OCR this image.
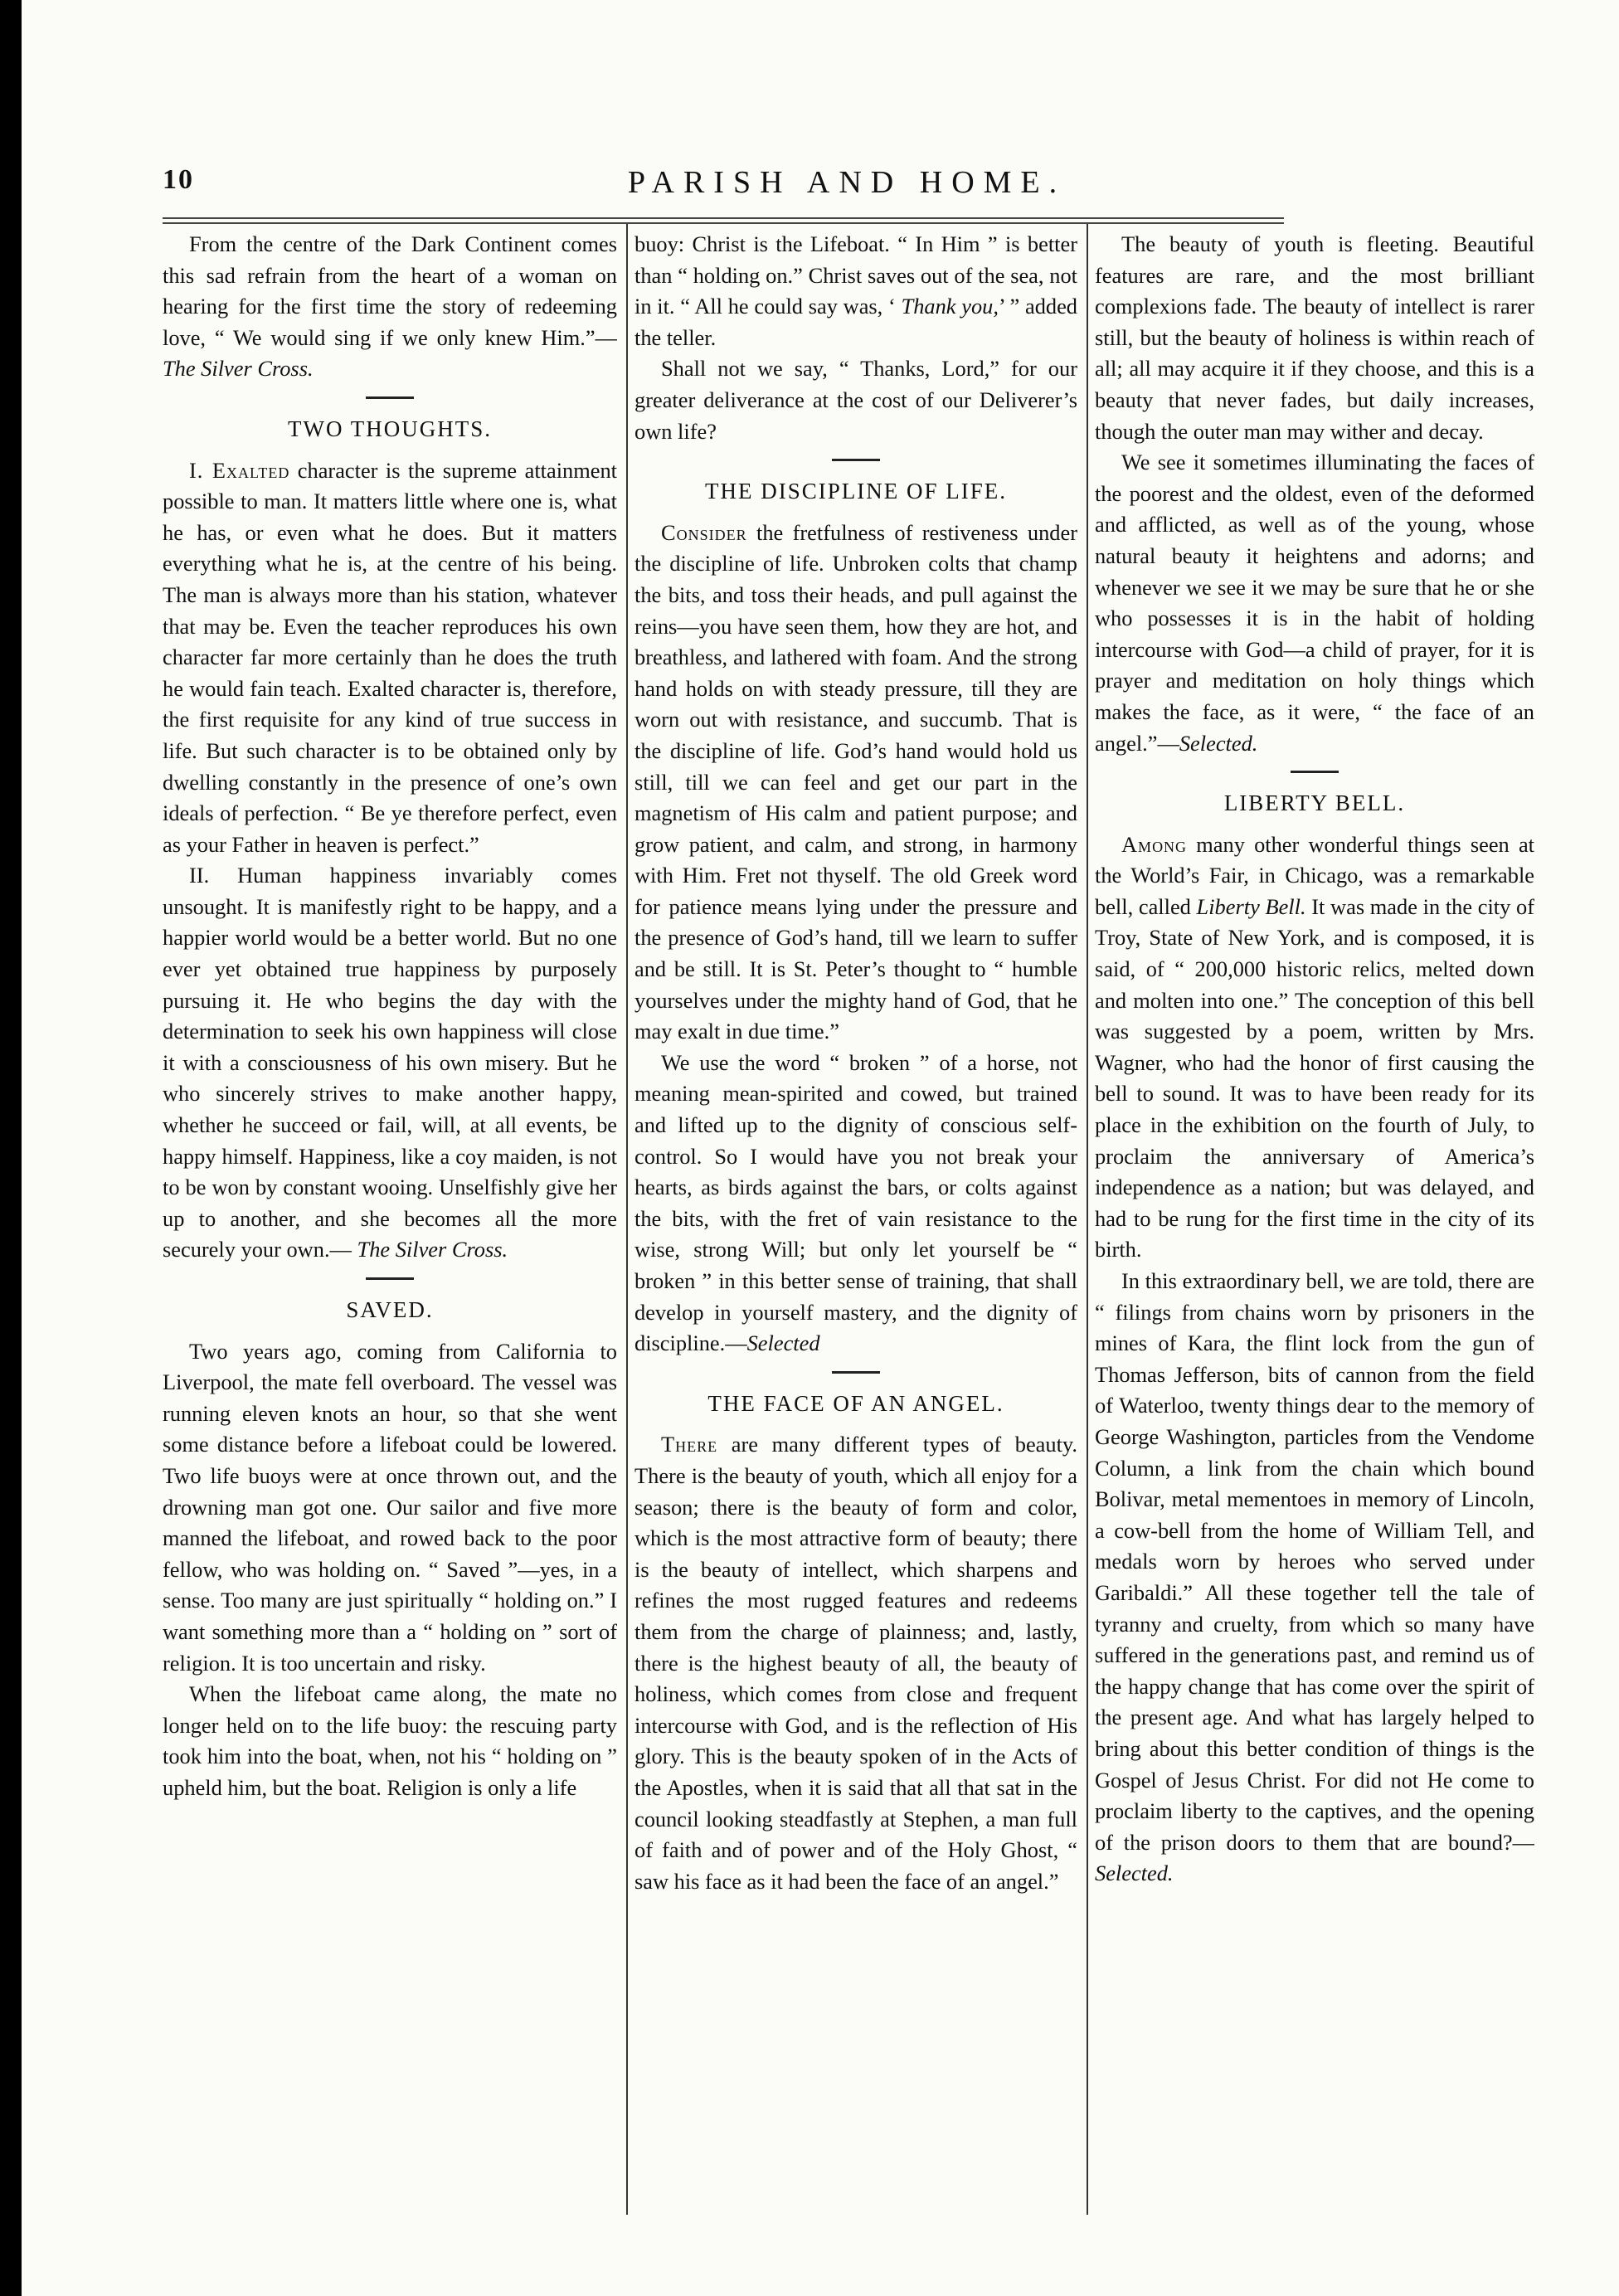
10	PARISH AND HOME.

From the centre of the Dark Continent comes this sad refrain from the heart of a woman on hearing for the first time the story of redeeming love, “ We would sing if we only knew Him.”—The Silver Cross.

TWO THOUGHTS.

I. Exalted character is the supreme attainment possible to man. It matters little where one is, what he has, or even what he does. But it matters everything what he is, at the centre of his being. The man is always more than his station, whatever that may be. Even the teacher reproduces his own character far more certainly than he does the truth he would fain teach. Exalted character is, therefore, the first requisite for any kind of true success in life. But such character is to be obtained only by dwelling constantly in the presence of one’s own ideals of perfection. “ Be ye therefore perfect, even as your Father in heaven is perfect.”

II. Human happiness invariably comes unsought. It is manifestly right to be happy, and a happier world would be a better world. But no one ever yet obtained true happiness by purposely pursuing it. He who begins the day with the determination to seek his own happiness will close it with a consciousness of his own misery. But he who sincerely strives to make another happy, whether he succeed or fail, will, at all events, be happy himself. Happiness, like a coy maiden, is not to be won by constant wooing. Unselfishly give her up to another, and she becomes all the more securely your own.— The Silver Cross.

SAVED.

Two years ago, coming from California to Liverpool, the mate fell overboard. The vessel was running eleven knots an hour, so that she went some distance before a lifeboat could be lowered. Two life buoys were at once thrown out, and the drowning man got one. Our sailor and five more manned the lifeboat, and rowed back to the poor fellow, who was holding on. “ Saved ”—yes, in a sense. Too many are just spiritually “ holding on.” I want something more than a “ holding on ” sort of religion. It is too uncertain and risky.

When the lifeboat came along, the mate no longer held on to the life buoy: the rescuing party took him into the boat, when, not his “ holding on ” upheld him, but the boat. Religion is only a life

buoy: Christ is the Lifeboat. “ In Him ” is better than “ holding on.” Christ saves out of the sea, not in it. “ All he could say was, ‘ Thank you,’ ” added the teller.

Shall not we say, “ Thanks, Lord,” for our greater deliverance at the cost of our Deliverer’s own life?

THE DISCIPLINE OF LIFE.

Consider the fretfulness of restiveness under the discipline of life. Unbroken colts that champ the bits, and toss their heads, and pull against the reins—you have seen them, how they are hot, and breathless, and lathered with foam. And the strong hand holds on with steady pressure, till they are worn out with resistance, and succumb. That is the discipline of life. God’s hand would hold us still, till we can feel and get our part in the magnetism of His calm and patient purpose; and grow patient, and calm, and strong, in harmony with Him. Fret not thyself. The old Greek word for patience means lying under the pressure and the presence of God’s hand, till we learn to suffer and be still. It is St. Peter’s thought to “ humble yourselves under the mighty hand of God, that he may exalt in due time.”

We use the word “ broken ” of a horse, not meaning mean-spirited and cowed, but trained and lifted up to the dignity of conscious self-control. So I would have you not break your hearts, as birds against the bars, or colts against the bits, with the fret of vain resistance to the wise, strong Will; but only let yourself be “ broken ” in this better sense of training, that shall develop in yourself mastery, and the dignity of discipline.—Selected

THE FACE OF AN ANGEL.

There are many different types of beauty. There is the beauty of youth, which all enjoy for a season; there is the beauty of form and color, which is the most attractive form of beauty; there is the beauty of intellect, which sharpens and refines the most rugged features and redeems them from the charge of plainness; and, lastly, there is the highest beauty of all, the beauty of holiness, which comes from close and frequent intercourse with God, and is the reflection of His glory. This is the beauty spoken of in the Acts of the Apostles, when it is said that all that sat in the council looking steadfastly at Stephen, a man full of faith and of power and of the Holy Ghost, “ saw his face as it had been the face of an angel.”

The beauty of youth is fleeting. Beautiful features are rare, and the most brilliant complexions fade. The beauty of intellect is rarer still, but the beauty of holiness is within reach of all; all may acquire it if they choose, and this is a beauty that never fades, but daily increases, though the outer man may wither and decay.

We see it sometimes illuminating the faces of the poorest and the oldest, even of the deformed and afflicted, as well as of the young, whose natural beauty it heightens and adorns; and whenever we see it we may be sure that he or she who possesses it is in the habit of holding intercourse with God—a child of prayer, for it is prayer and meditation on holy things which makes the face, as it were, “ the face of an angel.”—Selected.

LIBERTY BELL.

Among many other wonderful things seen at the World’s Fair, in Chicago, was a remarkable bell, called Liberty Bell. It was made in the city of Troy, State of New York, and is composed, it is said, of “ 200,000 historic relics, melted down and molten into one.” The conception of this bell was suggested by a poem, written by Mrs. Wagner, who had the honor of first causing the bell to sound. It was to have been ready for its place in the exhibition on the fourth of July, to proclaim the anniversary of America’s independence as a nation; but was delayed, and had to be rung for the first time in the city of its birth.

In this extraordinary bell, we are told, there are “ filings from chains worn by prisoners in the mines of Kara, the flint lock from the gun of Thomas Jefferson, bits of cannon from the field of Waterloo, twenty things dear to the memory of George Washington, particles from the Vendome Column, a link from the chain which bound Bolivar, metal mementoes in memory of Lincoln, a cow-bell from the home of William Tell, and medals worn by heroes who served under Garibaldi.” All these together tell the tale of tyranny and cruelty, from which so many have suffered in the generations past, and remind us of the happy change that has come over the spirit of the present age. And what has largely helped to bring about this better condition of things is the Gospel of Jesus Christ. For did not He come to proclaim liberty to the captives, and the opening of the prison doors to them that are bound?—Selected.
